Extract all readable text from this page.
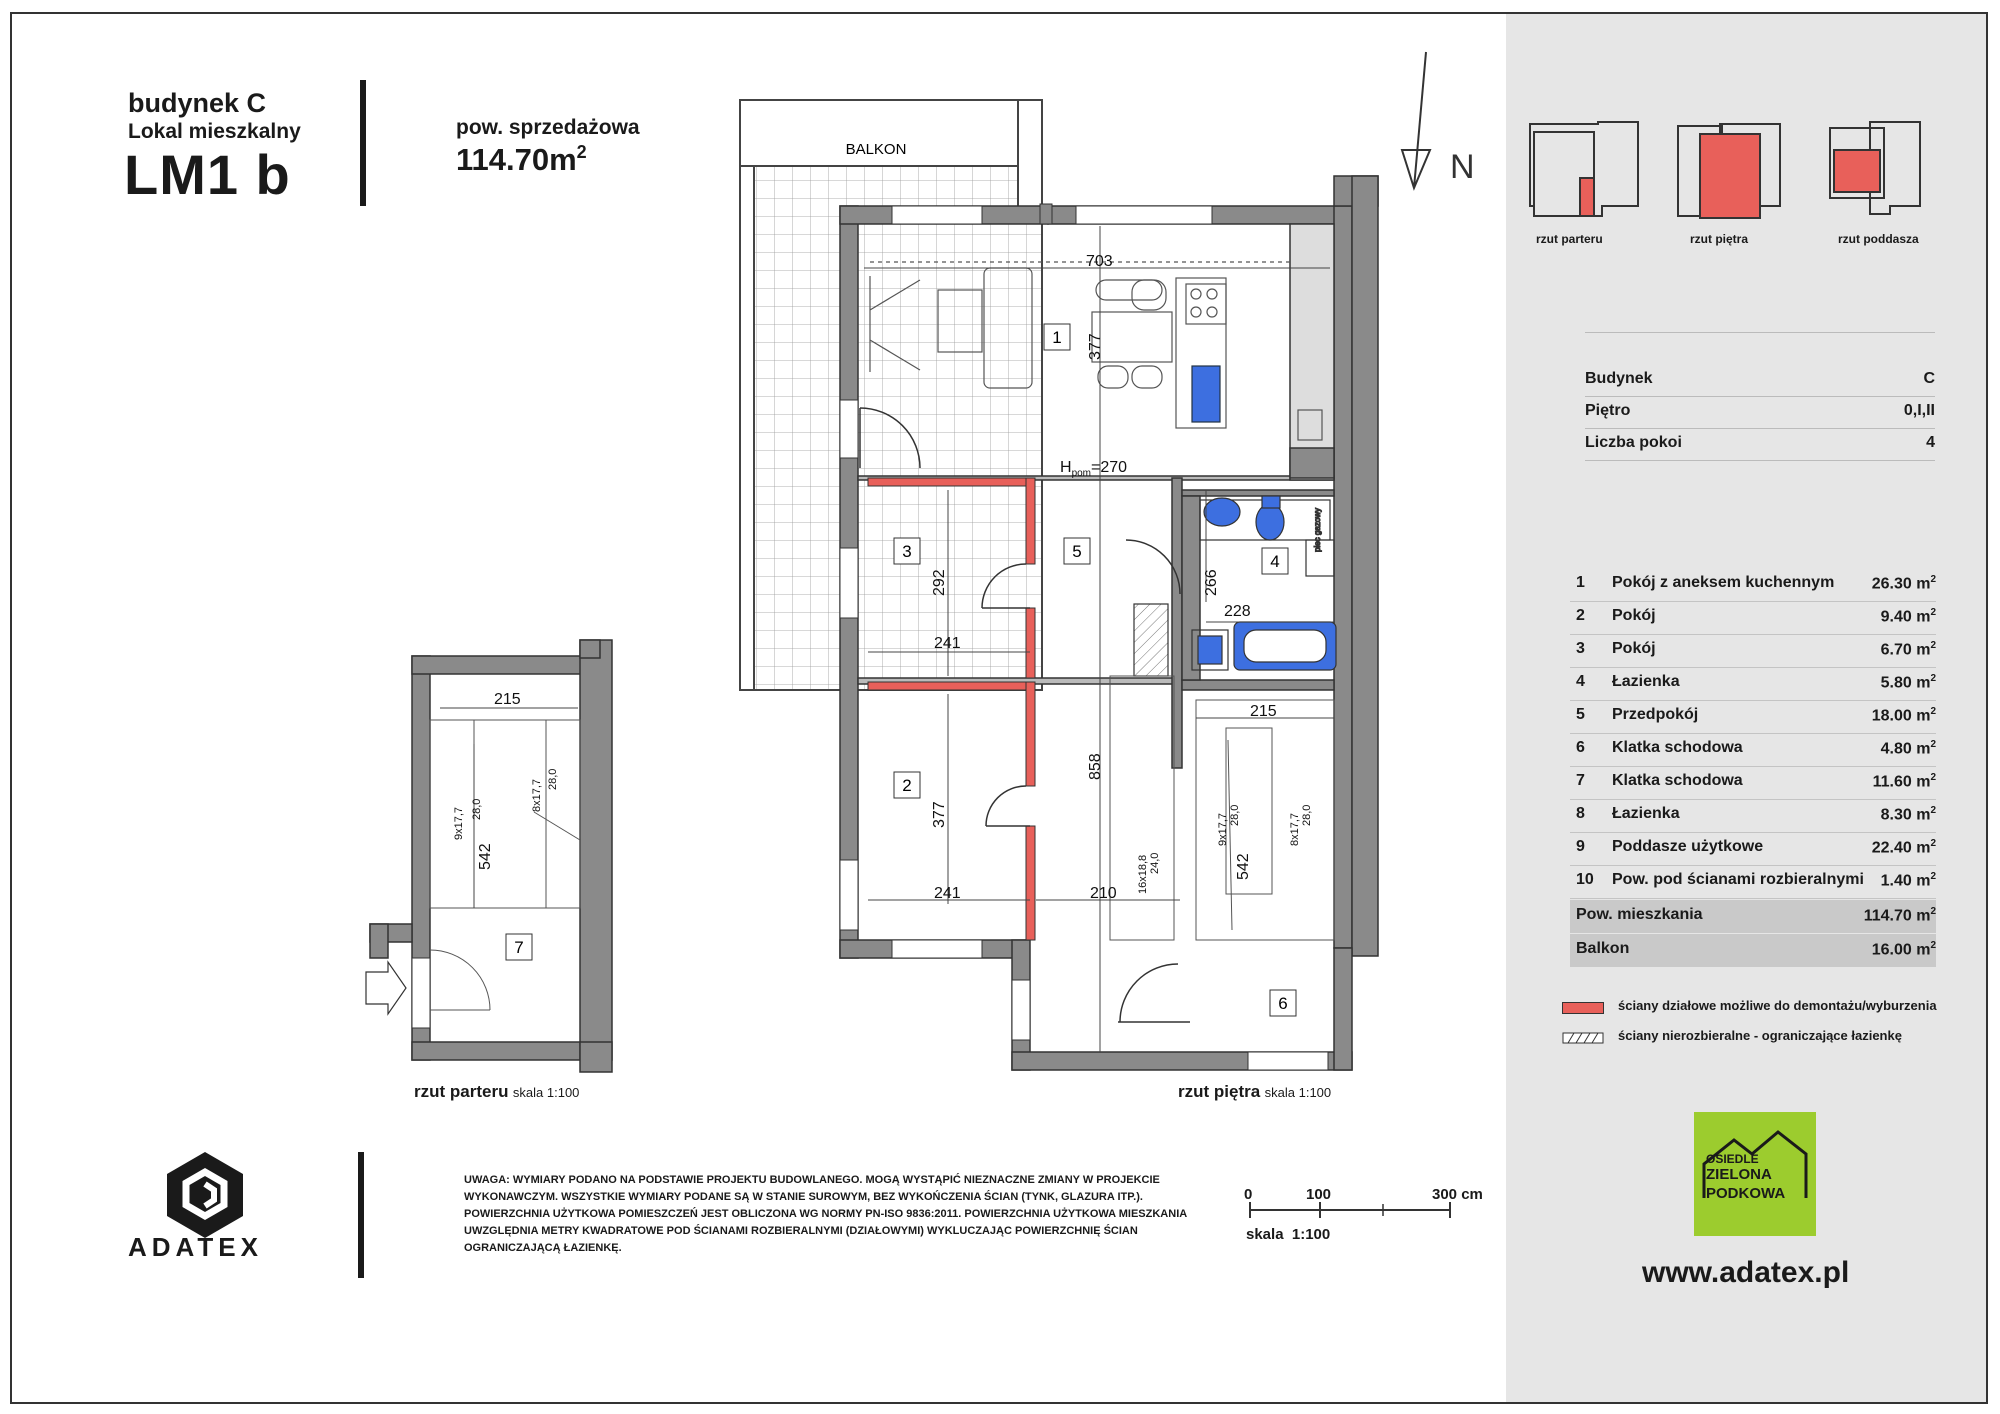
budynek C
Lokal mieszkalny
LM1 b
pow. sprzedażowa
$114.70m^2$	N
BALKON
piec gazowy
703
377
$H_{pom}=270$
292
241
266
228
377
241
858
210
215
542
9x17,7 28,0	8x17,7 28,0
16x18,8 24,0
1
3	5
4
2
6
215
542
9x17,7 28,0	8x17,7 28,0
7
rzut parteru skala 1:100	rzut piętra skala 1:100
ADATEX
UWAGA: WYMIARY PODANO NA PODSTAWIE PROJEKTU BUDOWLANEGO. MOGĄ WYSTĄPIĆ NIEZNACZNE ZMIANY W PROJEKCIE WYKONAWCZYM. WSZYSTKIE WYMIARY PODANE SĄ W STANIE SUROWYM, BEZ WYKOŃCZENIA ŚCIAN (TYNK, GLAZURA ITP.). POWIERZCHNIA UŻYTKOWA POMIESZCZEŃ JEST OBLICZONA WG NORMY PN-ISO 9836:2011. POWIERZCHNIA UŻYTKOWA MIESZKANIA UWZGLĘDNIA METRY KWADRATOWE POD ŚCIANAMI ROZBIERALNYMI (DZIAŁOWYMI) WYKLUCZAJĄC POWIERZCHNIĘ ŚCIAN OGRANICZAJĄCĄ ŁAZIENKĘ.
0	100	300 cm
skala  1:100
rzut parteru	rzut piętra	rzut poddasza
Budynek	C
Piętro	0,I,II
Liczba pokoi	4
1 Pokój z aneksem kuchennym 26.30 $m^2$
2 Pokój	9.40 $m^2$
3 Pokój	6.70 $m^2$
4 Łazienka	5.80 $m^2$
5 Przedpokój	18.00 $m^2$
6 Klatka schodowa	4.80 $m^2$
7 Klatka schodowa	11.60 $m^2$
8 Łazienka	8.30 $m^2$
9 Poddasze użytkowe	22.40 $m^2$
10 Pow. pod ścianami rozbieralnymi 1.40 $m^2$
Pow. mieszkania	114.70 $m^2$
Balkon	16.00 $m^2$
ściany działowe możliwe do demontażu/wyburzenia
ściany nierozbieralne - ograniczające łazienkę
OSIEDLE
ZIELONA
PODKOWA
www.adatex.pl
